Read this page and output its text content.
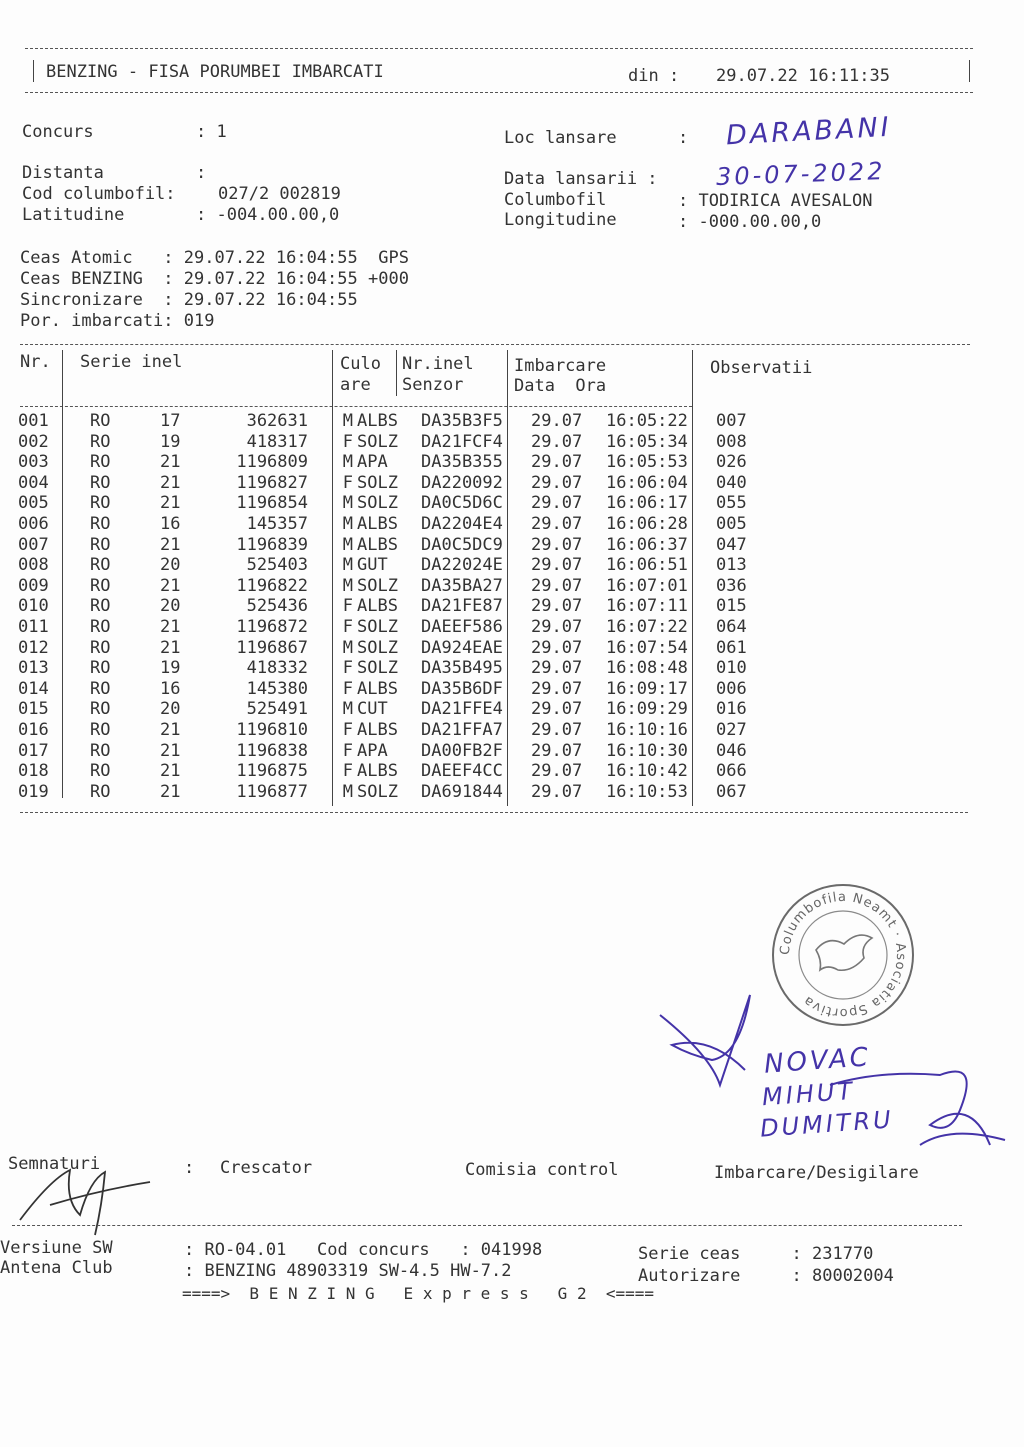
BENZING - FISA PORUMBEI IMBARCATI	din : 29.07.22 16:11:35
Concurs	: 1	Loc lansare	: DARABANI
Distanta	:	Data lansarii : 30-07-2022
Cod columbofil: 027/2 002819	Columbofil	: TODIRICA AVESALON
Latitudine	: -004.00.00,0	Longitudine	: -000.00.00,0
Ceas Atomic   : 29.07.22 16:04:55  GPS
Ceas BENZING  : 29.07.22 16:04:55 +000
Sincronizare  : 29.07.22 16:04:55
Por. imbarcati: 019
Nr. Serie inel	Culo
are
Nr.inel
Senzor
Imbarcare
Data  Ora
Observatii
001	RO	17	362631	M	ALBS	DA35B3F5	29.07	16:05:22	007
002	RO	19	418317	F	SOLZ	DA21FCF4	29.07	16:05:34	008
003	RO	21	1196809	M	APA	DA35B355	29.07	16:05:53	026
004	RO	21	1196827	F	SOLZ	DA220092	29.07	16:06:04	040
005	RO	21	1196854	M	SOLZ	DA0C5D6C	29.07	16:06:17	055
006	RO	16	145357	M	ALBS	DA2204E4	29.07	16:06:28	005
007	RO	21	1196839	M	ALBS	DA0C5DC9	29.07	16:06:37	047
008	RO	20	525403	M	GUT	DA22024E	29.07	16:06:51	013
009	RO	21	1196822	M	SOLZ	DA35BA27	29.07	16:07:01	036
010	RO	20	525436	F	ALBS	DA21FE87	29.07	16:07:11	015
011	RO	21	1196872	F	SOLZ	DAEEF586	29.07	16:07:22	064
012	RO	21	1196867	M	SOLZ	DA924EAE	29.07	16:07:54	061
013	RO	19	418332	F	SOLZ	DA35B495	29.07	16:08:48	010
014	RO	16	145380	F	ALBS	DA35B6DF	29.07	16:09:17	006
015	RO	20	525491	M	CUT	DA21FFE4	29.07	16:09:29	016
016	RO	21	1196810	F	ALBS	DA21FFA7	29.07	16:10:16	027
017	RO	21	1196838	F	APA	DA00FB2F	29.07	16:10:30	046
018	RO	21	1196875	F	ALBS	DAEEF4CC	29.07	16:10:42	066
019	RO	21	1196877	M	SOLZ	DA691844	29.07	16:10:53	067
Columbofila Neamt · Asociatia Sportiva
NOVAC
MIHUT
DUMITRU
Semnaturi	: Crescator	Comisia control	Imbarcare/Desigilare
Versiune SW	: RO-04.01   Cod concurs   : 041998	Serie ceas     : 231770
Antena Club	: BENZING 48903319 SW-4.5 HW-7.2	Autorizare     : 80002004
====>  B E N Z I N G   E x p r e s s   G 2  <====
